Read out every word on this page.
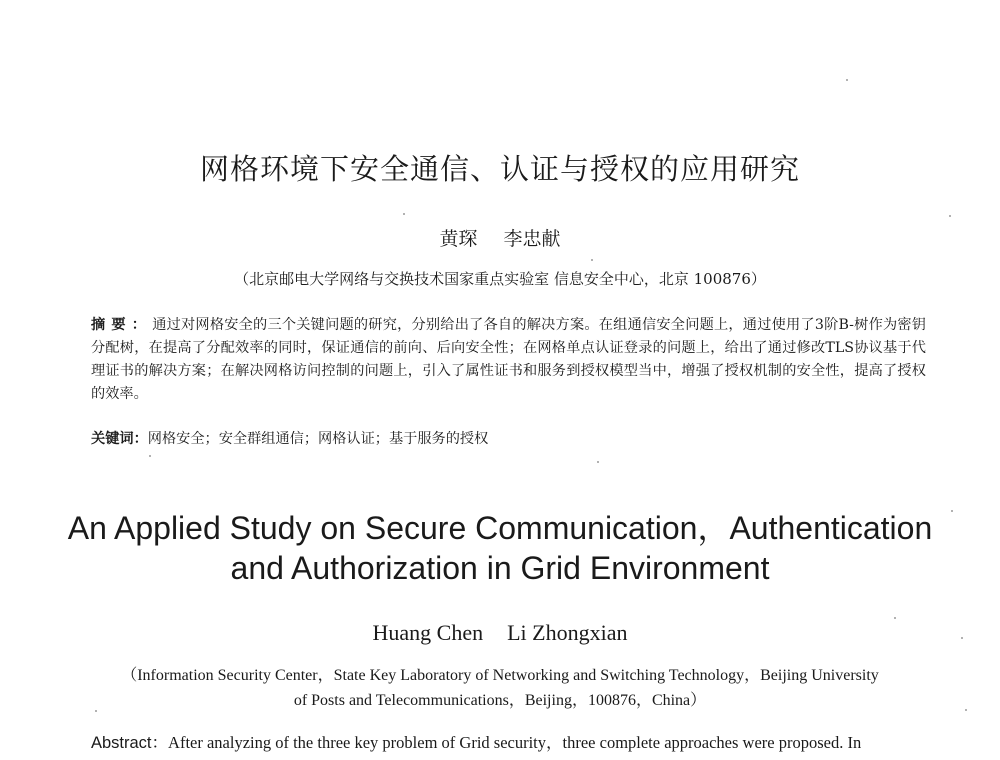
网格环境下安全通信、认证与授权的应用研究
黄琛 李忠献
（北京邮电大学网络与交换技术国家重点实验室 信息安全中心，北京 100876）
摘要：通过对网格安全的三个关键问题的研究，分别给出了各自的解决方案。在组通信安全问题上，通过使用了3阶B-树作为密钥分配树，在提高了分配效率的同时，保证通信的前向、后向安全性；在网格单点认证登录的问题上，给出了通过修改TLS协议基于代理证书的解决方案；在解决网格访问控制的问题上，引入了属性证书和服务到授权模型当中，增强了授权机制的安全性，提高了授权的效率。
关键词：网格安全；安全群组通信；网格认证；基于服务的授权
An Applied Study on Secure Communication，Authentication
and Authorization in Grid Environment
Huang Chen Li Zhongxian
（Information Security Center，State Key Laboratory of Networking and Switching Technology，Beijing University
of Posts and Telecommunications，Beijing，100876，China）
Abstract：After analyzing of the three key problem of Grid security，three complete approaches were proposed. In
